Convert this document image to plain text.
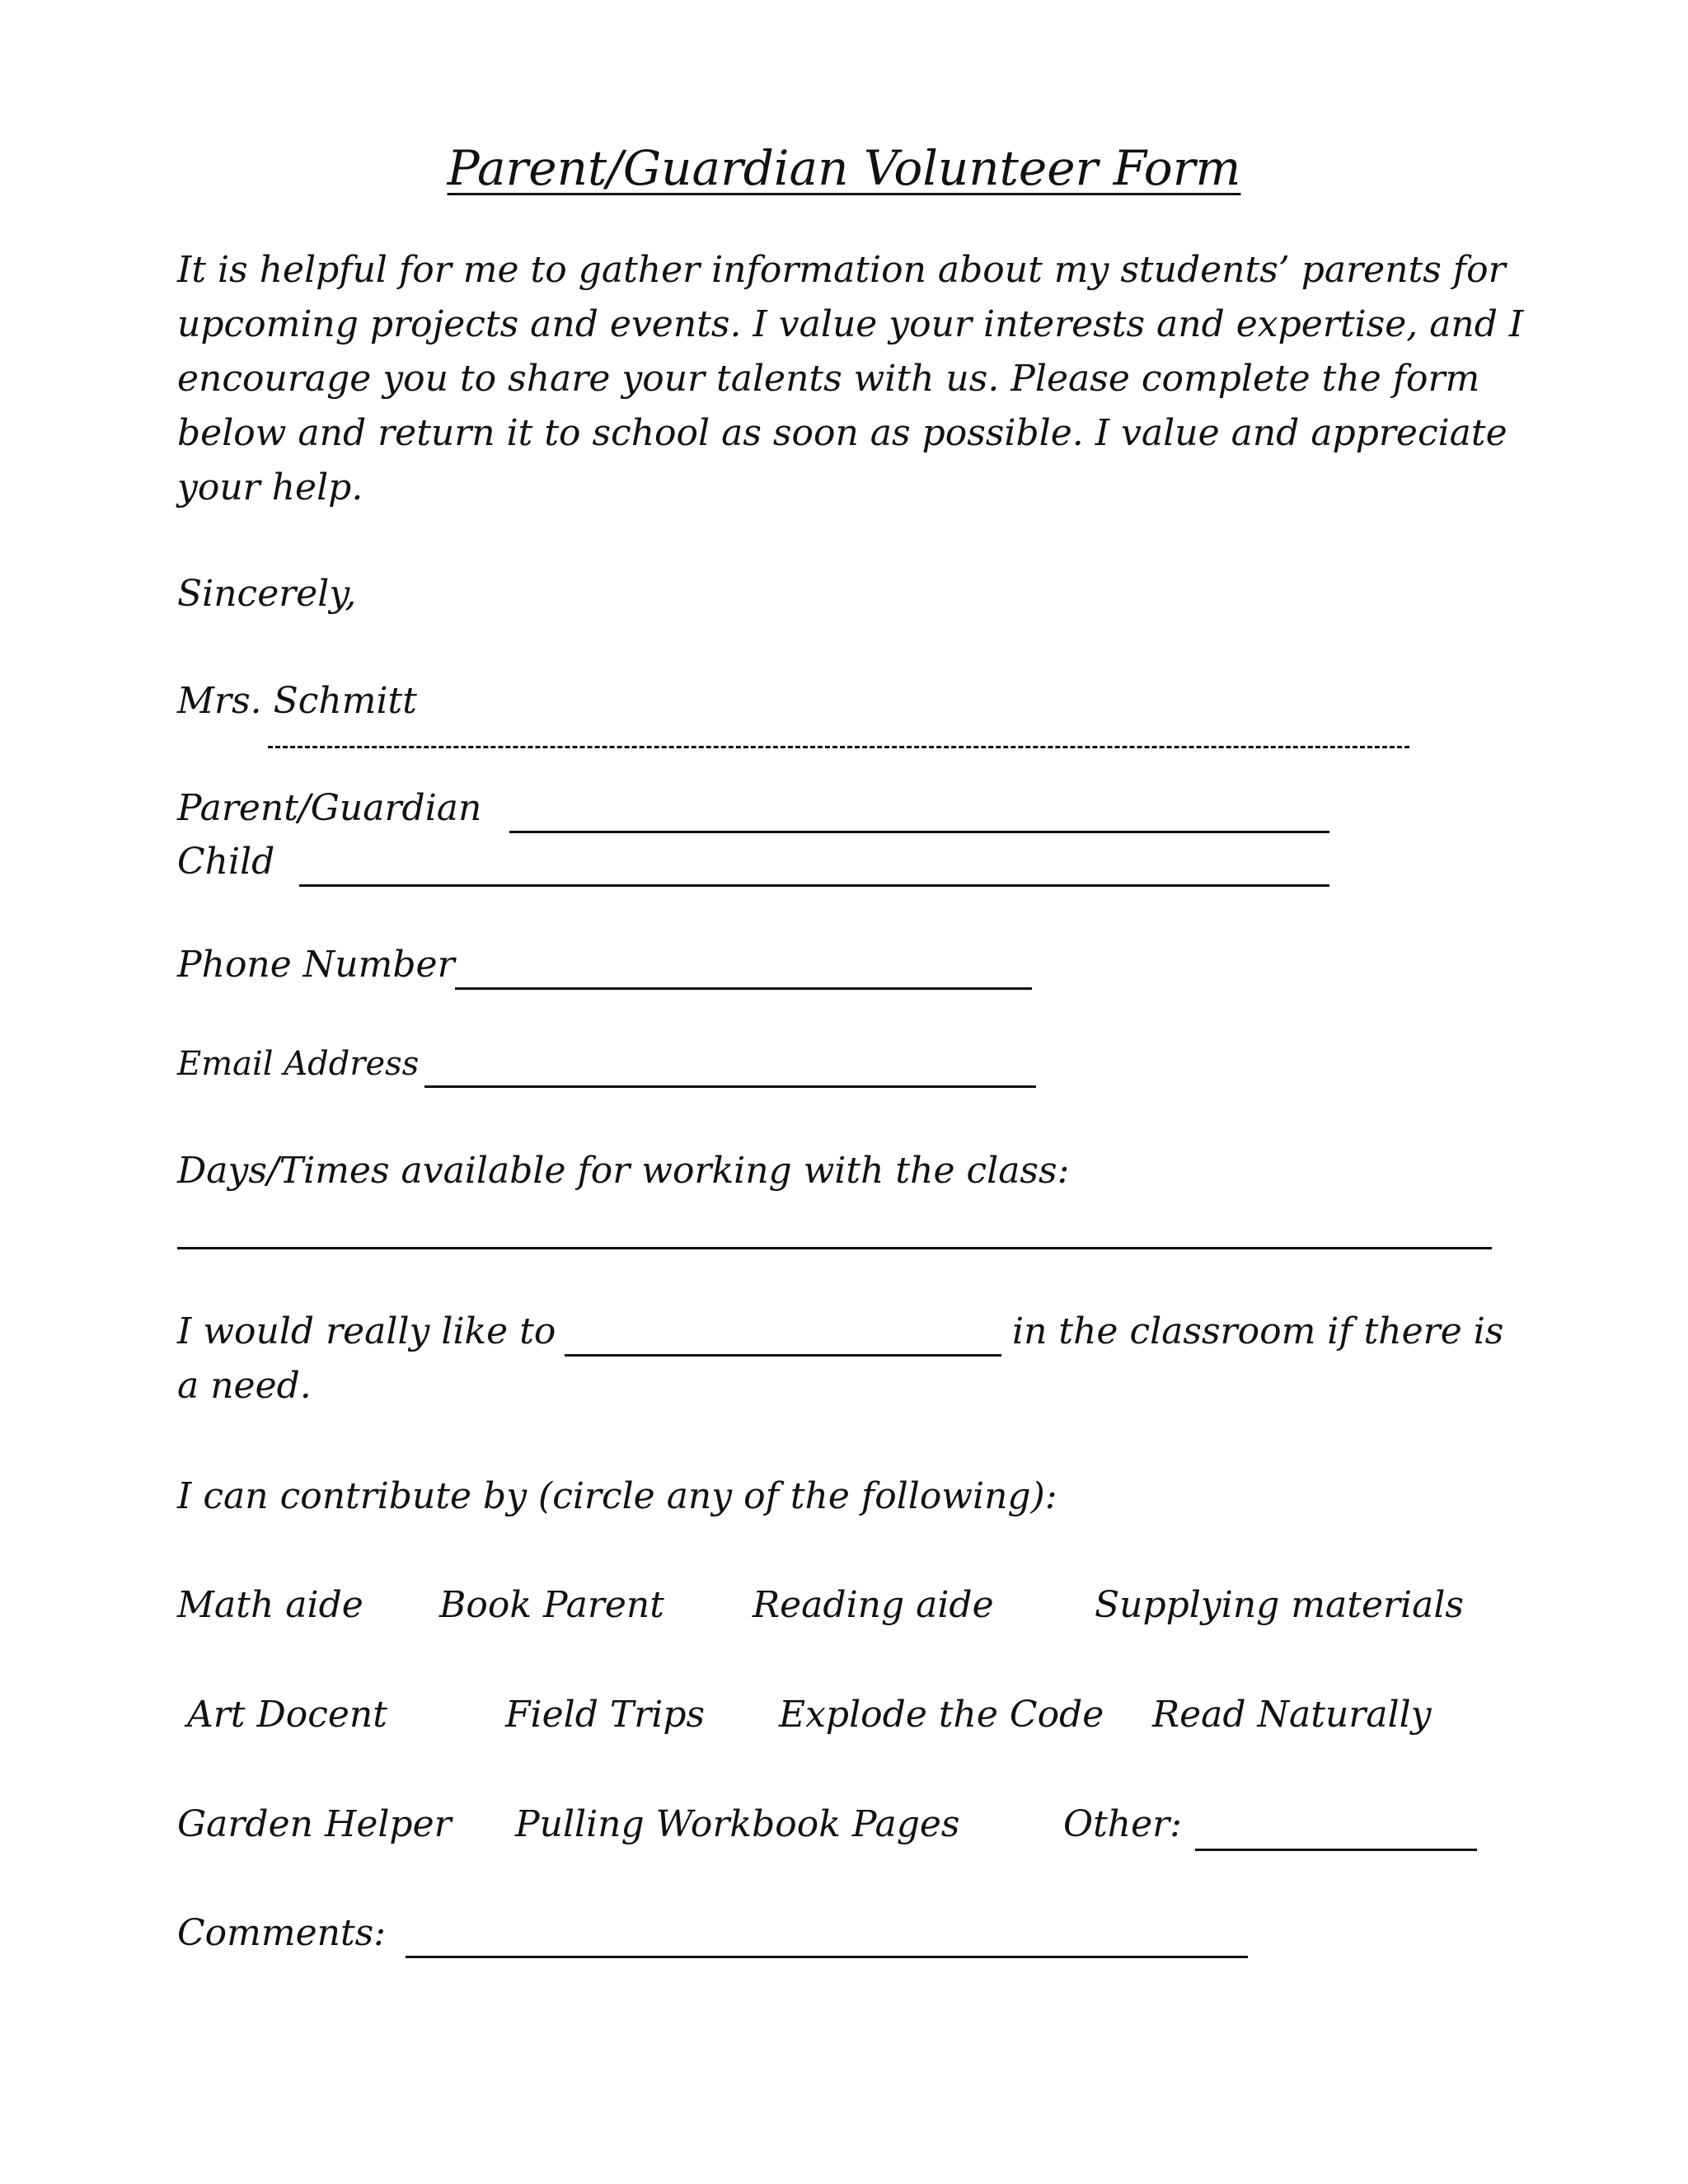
Parent/Guardian Volunteer Form

It is helpful for me to gather information about my students’ parents for upcoming projects and events. I value your interests and expertise, and I encourage you to share your talents with us. Please complete the form below and return it to school as soon as possible. I value and appreciate your help.

Sincerely,
Mrs. Schmitt
Parent/Guardian
Child
Phone Number
Email Address
Days/Times available for working with the class:
I would really like to	in the classroom if there is
a need.
I can contribute by (circle any of the following):
Math aide Book Parent Reading aide	Supplying materials
Art Docent	Field Trips Explode the Code Read Naturally
Garden Helper Pulling Workbook Pages	Other:
Comments:
